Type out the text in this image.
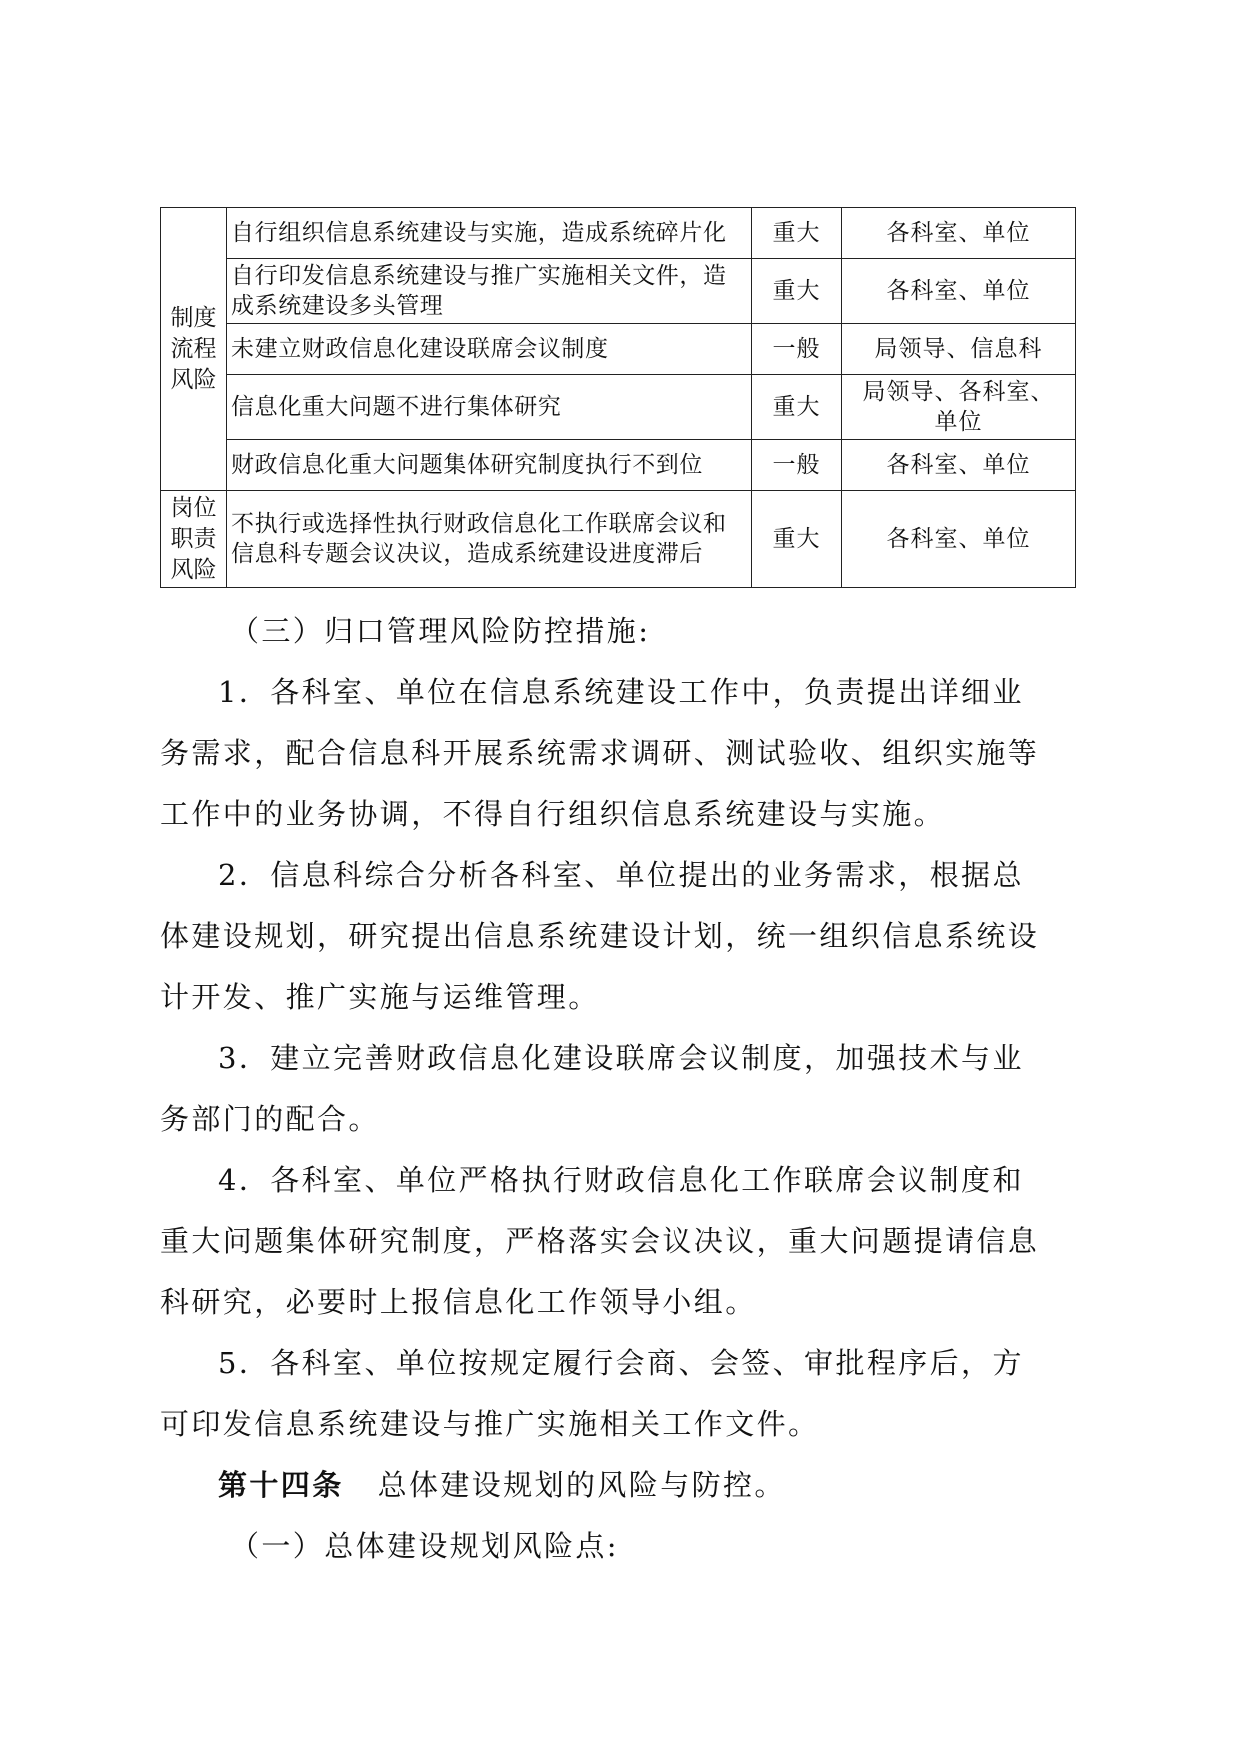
制度流程风险	自行组织信息系统建设与实施，造成系统碎片化	重大	各科室、单位
	自行印发信息系统建设与推广实施相关文件，造成系统建设多头管理	重大	各科室、单位
	未建立财政信息化建设联席会议制度	一般	局领导、信息科
	信息化重大问题不进行集体研究	重大	局领导、各科室、单位
	财政信息化重大问题集体研究制度执行不到位	一般	各科室、单位
岗位职责风险	不执行或选择性执行财政信息化工作联席会议和信息科专题会议决议，造成系统建设进度滞后	重大	各科室、单位
（三）归口管理风险防控措施:
1．各科室、单位在信息系统建设工作中，负责提出详细业
务需求，配合信息科开展系统需求调研、测试验收、组织实施等
工作中的业务协调，不得自行组织信息系统建设与实施。
2．信息科综合分析各科室、单位提出的业务需求，根据总
体建设规划，研究提出信息系统建设计划，统一组织信息系统设
计开发、推广实施与运维管理。
3．建立完善财政信息化建设联席会议制度，加强技术与业
务部门的配合。
4．各科室、单位严格执行财政信息化工作联席会议制度和
重大问题集体研究制度，严格落实会议决议，重大问题提请信息
科研究，必要时上报信息化工作领导小组。
5．各科室、单位按规定履行会商、会签、审批程序后，方
可印发信息系统建设与推广实施相关工作文件。
第十四条 总体建设规划的风险与防控。
（一）总体建设规划风险点:
